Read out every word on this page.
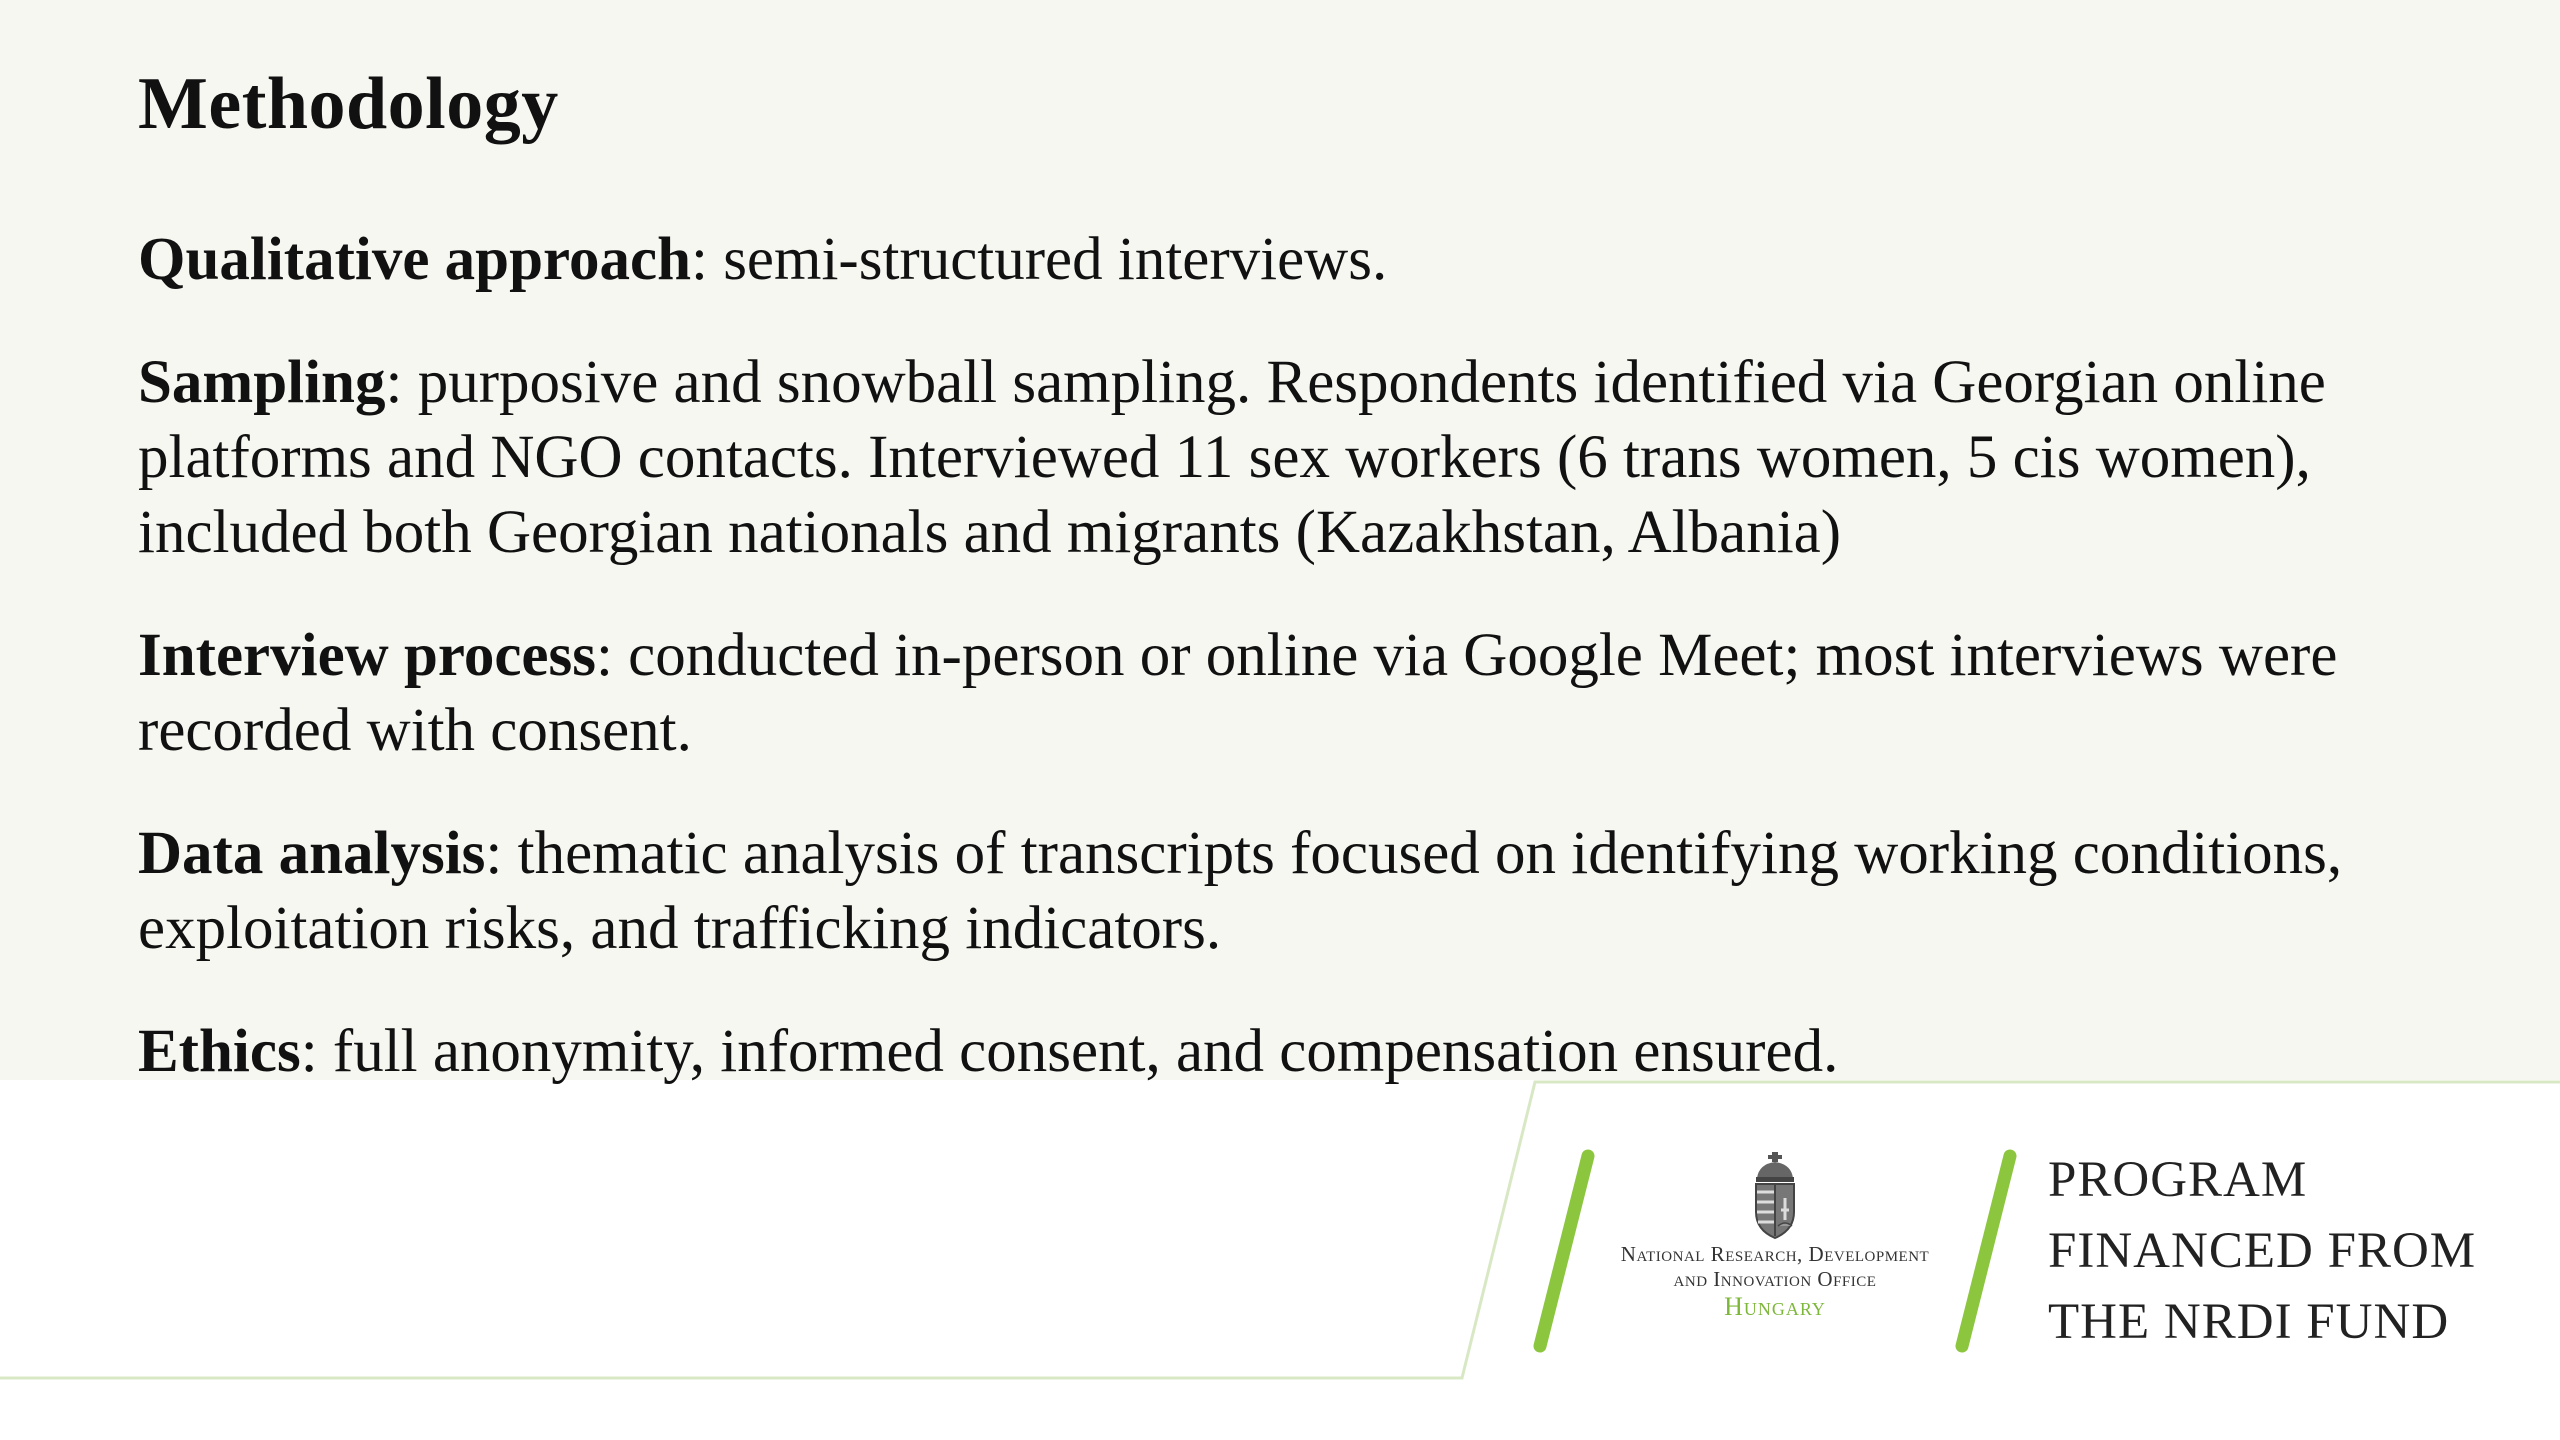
Methodology

Qualitative approach: semi-structured interviews.

Sampling: purposive and snowball sampling. Respondents identified via Georgian online platforms and NGO contacts. Interviewed 11 sex workers (6 trans women, 5 cis women), included both Georgian nationals and migrants (Kazakhstan, Albania)

Interview process: conducted in-person or online via Google Meet; most interviews were recorded with consent.

Data analysis: thematic analysis of transcripts focused on identifying working conditions, exploitation risks, and trafficking indicators.

Ethics: full anonymity, informed consent, and compensation ensured.

National Research, Development
and Innovation Office
Hungary
PROGRAM
FINANCED FROM
THE NRDI FUND
